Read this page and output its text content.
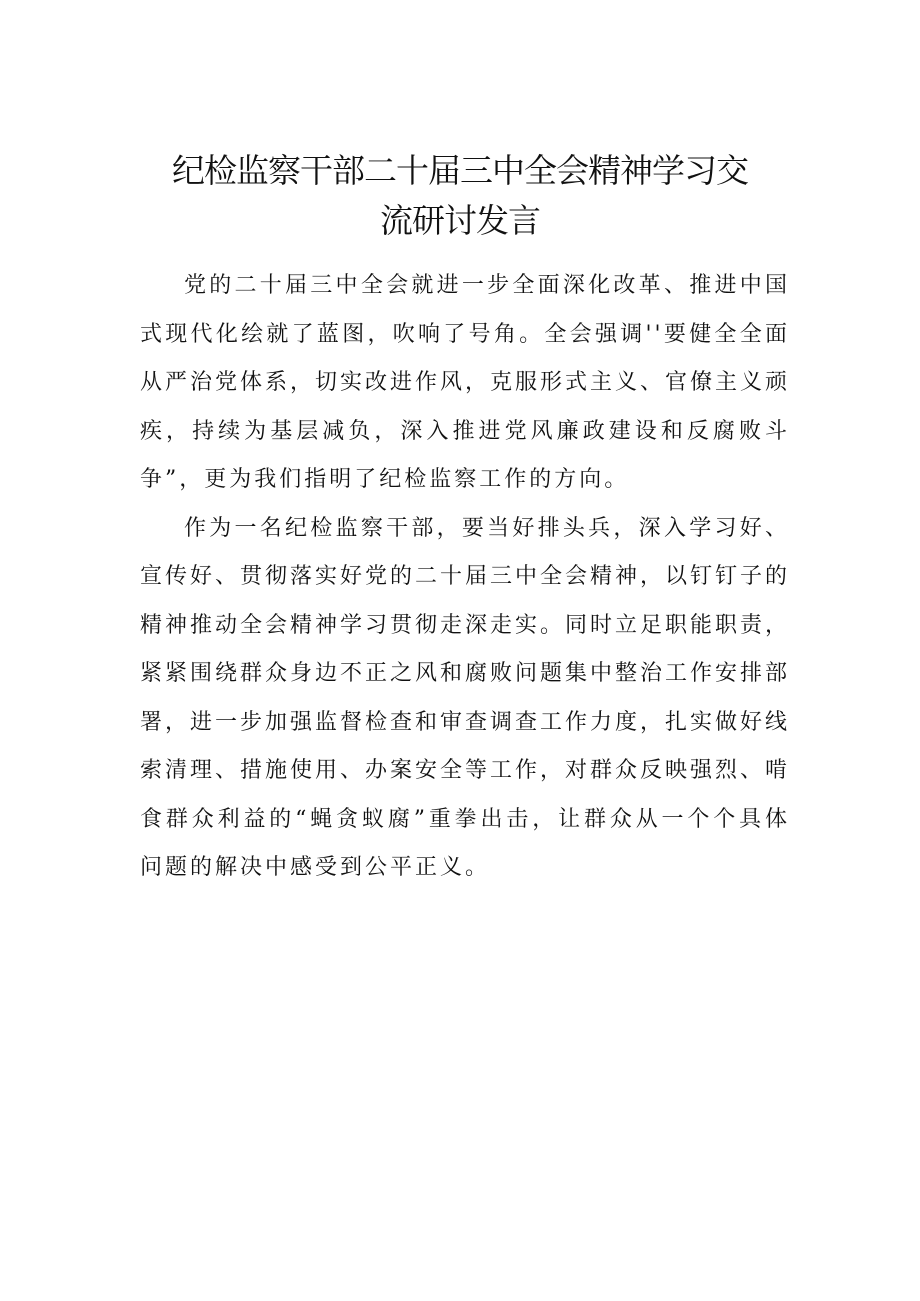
纪检监察干部二十届三中全会精神学习交
流研讨发言

党的二十届三中全会就进一步全面深化改革、推进中国式现代化绘就了蓝图，吹响了号角。全会强调''要健全全面从严治党体系，切实改进作风，克服形式主义、官僚主义顽疾，持续为基层减负，深入推进党风廉政建设和反腐败斗争”，更为我们指明了纪检监察工作的方向。

作为一名纪检监察干部，要当好排头兵，深入学习好、宣传好、贯彻落实好党的二十届三中全会精神，以钉钉子的精神推动全会精神学习贯彻走深走实。同时立足职能职责，紧紧围绕群众身边不正之风和腐败问题集中整治工作安排部署，进一步加强监督检查和审查调查工作力度，扎实做好线索清理、措施使用、办案安全等工作，对群众反映强烈、啃食群众利益的“蝇贪蚁腐”重拳出击，让群众从一个个具体问题的解决中感受到公平正义。
